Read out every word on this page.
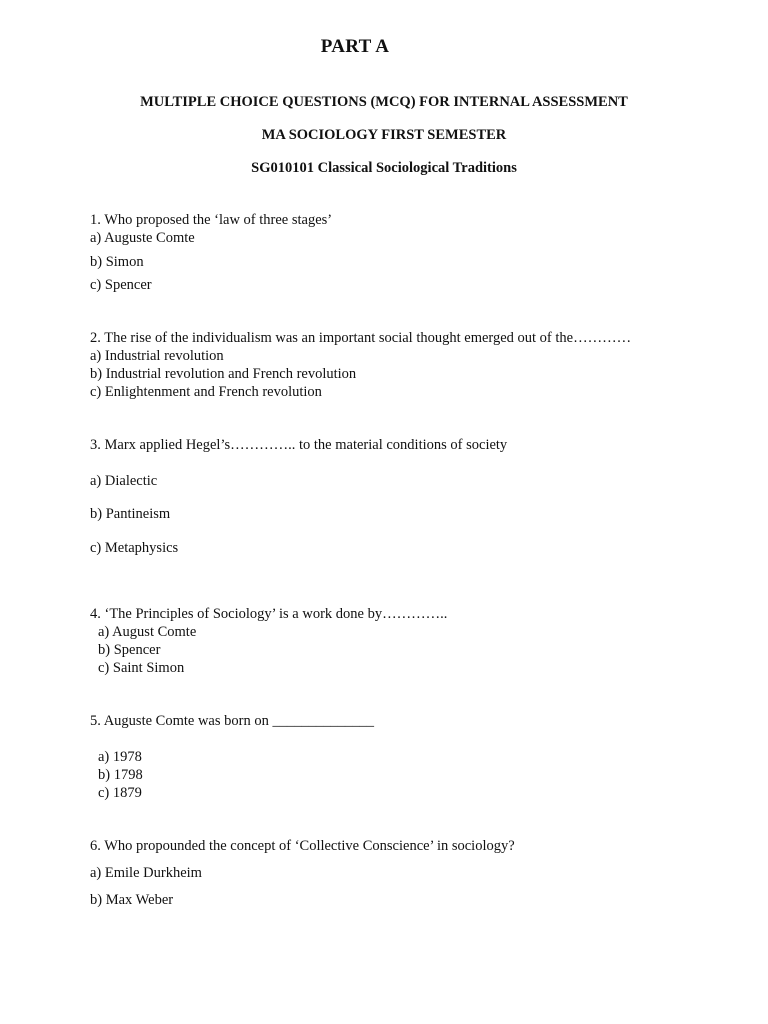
PART A
MULTIPLE CHOICE QUESTIONS (MCQ) FOR INTERNAL ASSESSMENT
MA SOCIOLOGY FIRST SEMESTER
SG010101 Classical Sociological Traditions
1. Who proposed the ‘law of three stages’
a) Auguste Comte
b) Simon
c) Spencer
2. The rise of the individualism was an important social thought emerged out of the…………
a) Industrial revolution
b) Industrial revolution and French revolution
c) Enlightenment and French revolution
3. Marx applied Hegel’s………….. to the material conditions of society
a) Dialectic
b) Pantineism
c) Metaphysics
4. ‘The Principles of Sociology’ is a work done by…………..
a) August Comte
b) Spencer
c) Saint Simon
5. Auguste Comte was born on ______________
a) 1978
b) 1798
c) 1879
6. Who propounded the concept of ‘Collective Conscience’ in sociology?
a) Emile Durkheim
b) Max Weber
